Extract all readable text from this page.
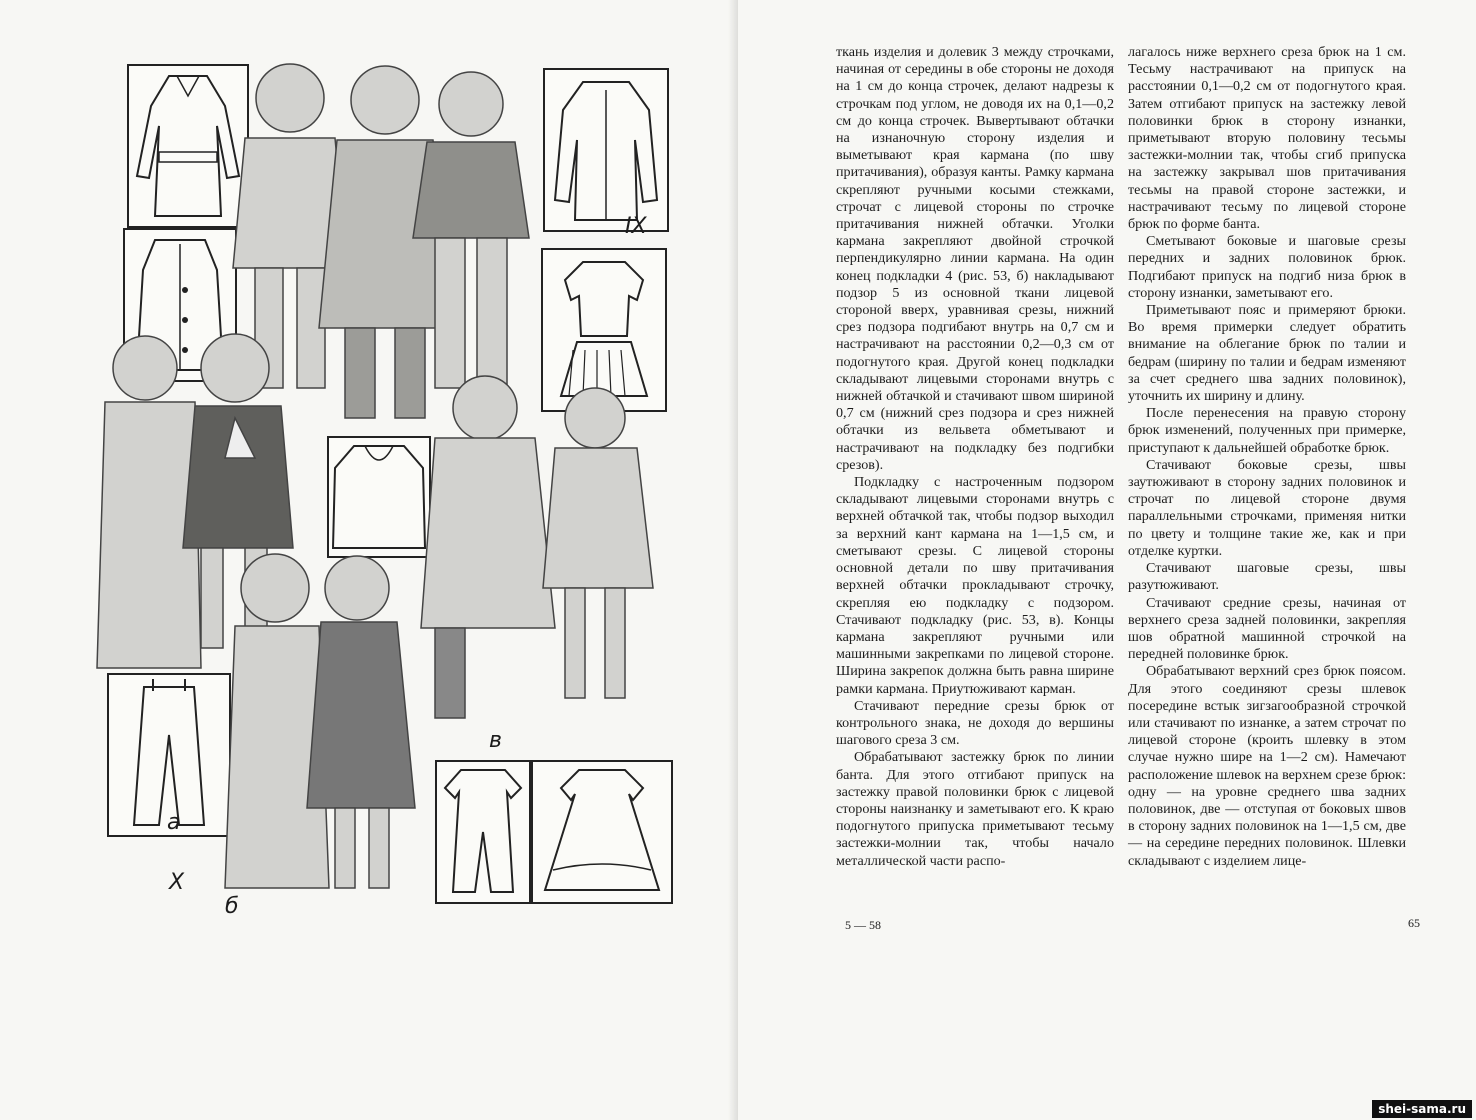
IX
X
a
б
в

ткань изделия и долевик 3 между строчками, начиная от середины в обе стороны не доходя на 1 см до конца строчек, делают надрезы к строчкам под углом, не доводя их на 0,1—0,2 см до конца строчек. Вывертывают обтачки на изнаночную сторону изделия и выметывают края кармана (по шву притачивания), образуя канты. Рамку кармана скрепляют ручными косыми стежками, строчат с лицевой стороны по строчке притачивания нижней обтачки. Уголки кармана закрепляют двойной строчкой перпендикулярно линии кармана. На один конец подкладки 4 (рис. 53, б) накладывают подзор 5 из основной ткани лицевой стороной вверх, уравнивая срезы, нижний срез подзора подгибают внутрь на 0,7 см и настрачивают на расстоянии 0,2—0,3 см от подогнутого края. Другой конец подкладки складывают лицевыми сторонами внутрь с нижней обтачкой и стачивают швом шириной 0,7 см (нижний срез подзора и срез нижней обтачки из вельвета обметывают и настрачивают на подкладку без подгибки срезов).

Подкладку с настроченным подзором складывают лицевыми сторонами внутрь с верхней обтачкой так, чтобы подзор выходил за верхний кант кармана на 1—1,5 см, и сметывают срезы. С лицевой стороны основной детали по шву притачивания верхней обтачки прокладывают строчку, скрепляя ею подкладку с подзором. Стачивают подкладку (рис. 53, в). Концы кармана закрепляют ручными или машинными закрепками по лицевой стороне. Ширина закрепок должна быть равна ширине рамки кармана. Приутюживают карман.

Стачивают передние срезы брюк от контрольного знака, не доходя до вершины шагового среза 3 см.

Обрабатывают застежку брюк по линии банта. Для этого отгибают припуск на застежку правой половинки брюк с лицевой стороны наизнанку и заметывают его. К краю подогнутого припуска приметывают тесьму застежки-молнии так, чтобы начало металлической части распо-

лагалось ниже верхнего среза брюк на 1 см. Тесьму настрачивают на припуск на расстоянии 0,1—0,2 см от подогнутого края. Затем отгибают припуск на застежку левой половинки брюк в сторону изнанки, приметывают вторую половину тесьмы застежки-молнии так, чтобы сгиб припуска на застежку закрывал шов притачивания тесьмы на правой стороне застежки, и настрачивают тесьму по лицевой стороне брюк по форме банта.

Сметывают боковые и шаговые срезы передних и задних половинок брюк. Подгибают припуск на подгиб низа брюк в сторону изнанки, заметывают его.

Приметывают пояс и примеряют брюки. Во время примерки следует обратить внимание на облегание брюк по талии и бедрам (ширину по талии и бедрам изменяют за счет среднего шва задних половинок), уточнить их ширину и длину.

После перенесения на правую сторону брюк изменений, полученных при примерке, приступают к дальнейшей обработке брюк.

Стачивают боковые срезы, швы заутюживают в сторону задних половинок и строчат по лицевой стороне двумя параллельными строчками, применяя нитки по цвету и толщине такие же, как и при отделке куртки.

Стачивают шаговые срезы, швы разутюживают.

Стачивают средние срезы, начиная от верхнего среза задней половинки, закрепляя шов обратной машинной строчкой на передней половинке брюк.

Обрабатывают верхний срез брюк поясом. Для этого соединяют срезы шлевок посередине встык зигзагообразной строчкой или стачивают по изнанке, а затем строчат по лицевой стороне (кроить шлевку в этом случае нужно шире на 1—2 см). Намечают расположение шлевок на верхнем срезе брюк: одну — на уровне среднего шва задних половинок, две — отступая от боковых швов в сторону задних половинок на 1—1,5 см, две — на середине передних половинок. Шлевки складывают с изделием лице-

5 — 58	65
shei-sama.ru
